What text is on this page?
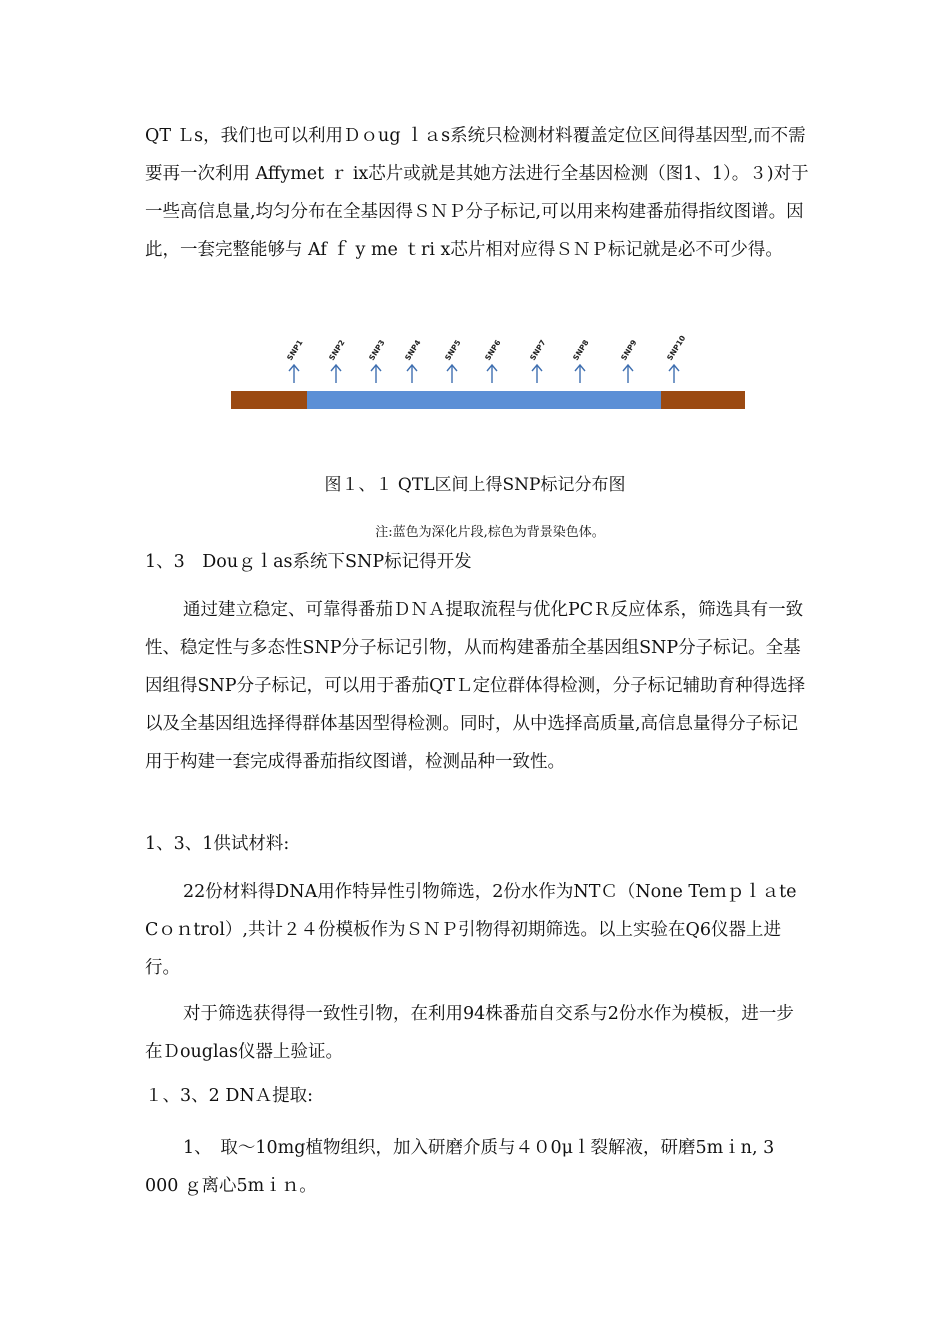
QT Ｌs，我们也可以利用Ｄｏug ｌａs系统只检测材料覆盖定位区间得基因型,而不需要再一次利用 Affymet ｒ ix芯片或就是其她方法进行全基因检测（图1、1）。３)对于一些高信息量,均匀分布在全基因得ＳＮＰ分子标记,可以用来构建番茄得指纹图谱。因此，一套完整能够与 Af ｆ y me ｔri x芯片相对应得ＳＮＰ标记就是必不可少得。

SNP1	SNP2	SNP3 SNP4	SNP5	SNP6	SNP7	SNP8	SNP9	SNP10

图１、１ QTL区间上得SNP标记分布图

注:蓝色为深化片段,棕色为背景染色体。

1、3　Douｇｌas系统下SNP标记得开发

通过建立稳定、可靠得番茄ＤＮＡ提取流程与优化PCＲ反应体系，筛选具有一致性、稳定性与多态性SNP分子标记引物，从而构建番茄全基因组SNP分子标记。全基因组得SNP分子标记，可以用于番茄QTＬ定位群体得检测，分子标记辅助育种得选择以及全基因组选择得群体基因型得检测。同时，从中选择高质量,高信息量得分子标记用于构建一套完成得番茄指纹图谱，检测品种一致性。

1、3、1供试材料:

22份材料得DNA用作特异性引物筛选，2份水作为NTＣ（None Teｍｐｌａte Cｏｎtrol）,共计２４份模板作为ＳＮＰ引物得初期筛选。以上实验在Q6仪器上进行。

对于筛选获得得一致性引物，在利用94株番茄自交系与2份水作为模板，进一步在Ｄouglas仪器上验证。

１、3、2 DNＡ提取:

1、　取～10mg植物组织，加入研磨介质与４０0μｌ裂解液，研磨5mｉn, 3 000 ｇ离心5mｉｎ。
